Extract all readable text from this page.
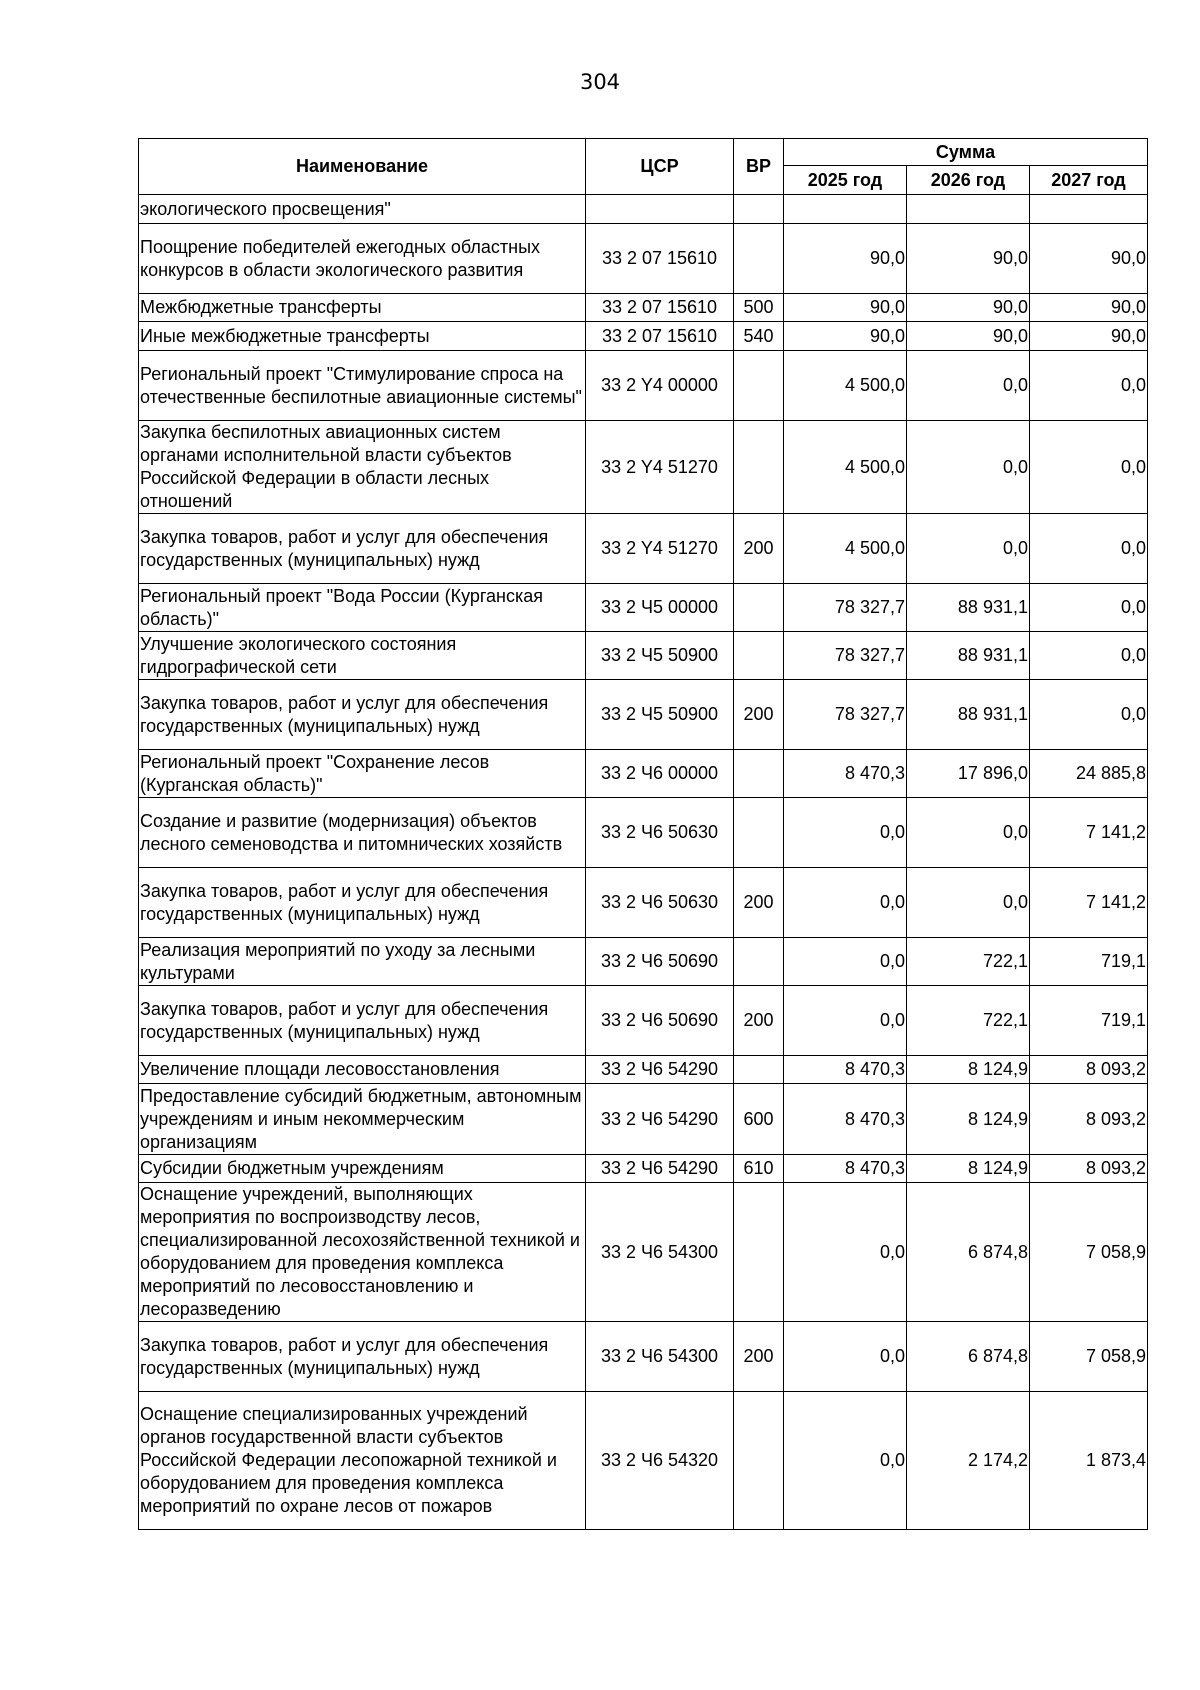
304
Наименование	ЦСР	ВР	Сумма		
			2025 год	2026 год	2027 год
экологического просвещения"					
Поощрение победителей ежегодных областных конкурсов в области экологического развития	33 2 07 15610		90,0	90,0	90,0
Межбюджетные трансферты	33 2 07 15610	500	90,0	90,0	90,0
Иные межбюджетные трансферты	33 2 07 15610	540	90,0	90,0	90,0
Региональный проект "Стимулирование спроса на отечественные беспилотные авиационные системы"	33 2 Y4 00000		4 500,0	0,0	0,0
Закупка беспилотных авиационных систем органами исполнительной власти субъектов Российской Федерации в области лесных отношений	33 2 Y4 51270		4 500,0	0,0	0,0
Закупка товаров, работ и услуг для обеспечения государственных (муниципальных) нужд	33 2 Y4 51270	200	4 500,0	0,0	0,0
Региональный проект "Вода России (Курганская область)"	33 2 Ч5 00000		78 327,7	88 931,1	0,0
Улучшение экологического состояния гидрографической сети	33 2 Ч5 50900		78 327,7	88 931,1	0,0
Закупка товаров, работ и услуг для обеспечения государственных (муниципальных) нужд	33 2 Ч5 50900	200	78 327,7	88 931,1	0,0
Региональный проект "Сохранение лесов (Курганская область)"	33 2 Ч6 00000		8 470,3	17 896,0	24 885,8
Создание и развитие (модернизация) объектов лесного семеноводства и питомнических хозяйств	33 2 Ч6 50630		0,0	0,0	7 141,2
Закупка товаров, работ и услуг для обеспечения государственных (муниципальных) нужд	33 2 Ч6 50630	200	0,0	0,0	7 141,2
Реализация мероприятий по уходу за лесными культурами	33 2 Ч6 50690		0,0	722,1	719,1
Закупка товаров, работ и услуг для обеспечения государственных (муниципальных) нужд	33 2 Ч6 50690	200	0,0	722,1	719,1
Увеличение площади лесовосстановления	33 2 Ч6 54290		8 470,3	8 124,9	8 093,2
Предоставление субсидий бюджетным, автономным учреждениям и иным некоммерческим организациям	33 2 Ч6 54290	600	8 470,3	8 124,9	8 093,2
Субсидии бюджетным учреждениям	33 2 Ч6 54290	610	8 470,3	8 124,9	8 093,2
Оснащение учреждений, выполняющих мероприятия по воспроизводству лесов, специализированной лесохозяйственной техникой и оборудованием для проведения комплекса мероприятий по лесовосстановлению и лесоразведению	33 2 Ч6 54300		0,0	6 874,8	7 058,9
Закупка товаров, работ и услуг для обеспечения государственных (муниципальных) нужд	33 2 Ч6 54300	200	0,0	6 874,8	7 058,9
Оснащение специализированных учреждений органов государственной власти субъектов Российской Федерации лесопожарной техникой и оборудованием для проведения комплекса мероприятий по охране лесов от пожаров	33 2 Ч6 54320		0,0	2 174,2	1 873,4
